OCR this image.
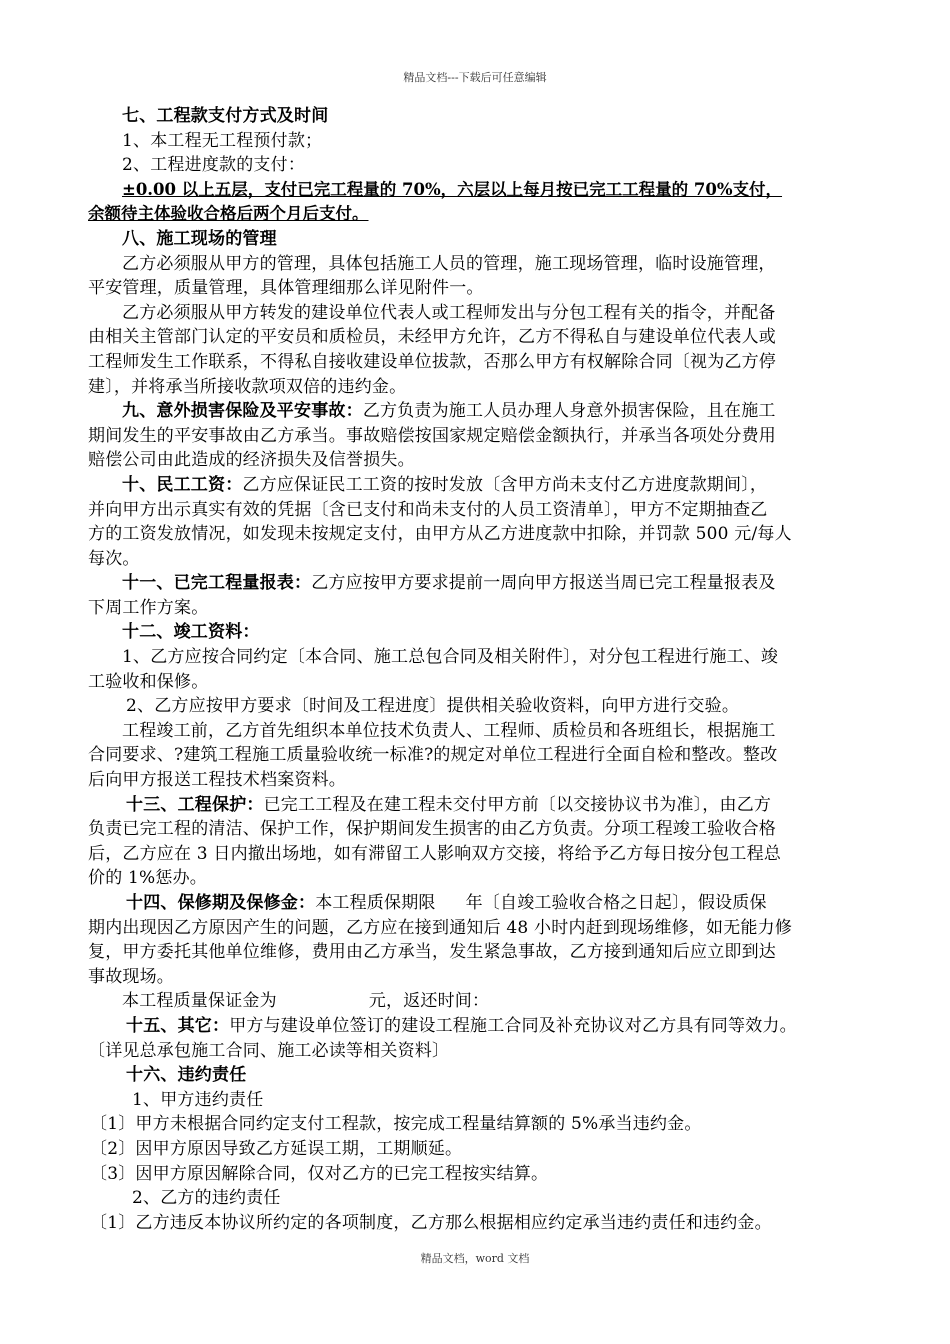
精品文档---下载后可任意编辑
七、工程款支付方式及时间
1、本工程无工程预付款；
2、工程进度款的支付：
±0.00 以上五层，支付已完工程量的 70%，六层以上每月按已完工工程量的 70%支付，
余额待主体验收合格后两个月后支付。
八、施工现场的管理
乙方必须服从甲方的管理，具体包括施工人员的管理，施工现场管理，临时设施管理，
平安管理，质量管理，具体管理细那么详见附件一。
乙方必须服从甲方转发的建设单位代表人或工程师发出与分包工程有关的指令，并配备
由相关主管部门认定的平安员和质检员，未经甲方允许，乙方不得私自与建设单位代表人或
工程师发生工作联系，不得私自接收建设单位拔款，否那么甲方有权解除合同〔视为乙方停
建〕，并将承当所接收款项双倍的违约金。
九、意外损害保险及平安事故：乙方负责为施工人员办理人身意外损害保险，且在施工
期间发生的平安事故由乙方承当。事故赔偿按国家规定赔偿金额执行，并承当各项处分费用
赔偿公司由此造成的经济损失及信誉损失。
十、民工工资：乙方应保证民工工资的按时发放〔含甲方尚未支付乙方进度款期间〕，
并向甲方出示真实有效的凭据〔含已支付和尚未支付的人员工资清单〕，甲方不定期抽查乙
方的工资发放情况，如发现未按规定支付，由甲方从乙方进度款中扣除，并罚款 500 元/每人
每次。
十一、已完工程量报表：乙方应按甲方要求提前一周向甲方报送当周已完工程量报表及
下周工作方案。
十二、竣工资料：
1、乙方应按合同约定〔本合同、施工总包合同及相关附件〕，对分包工程进行施工、竣
工验收和保修。
2、乙方应按甲方要求〔时间及工程进度〕提供相关验收资料，向甲方进行交验。
工程竣工前，乙方首先组织本单位技术负责人、工程师、质检员和各班组长，根据施工
合同要求、?建筑工程施工质量验收统一标准?的规定对单位工程进行全面自检和整改。整改
后向甲方报送工程技术档案资料。
十三、工程保护：已完工工程及在建工程未交付甲方前〔以交接协议书为准〕，由乙方
负责已完工程的清洁、保护工作，保护期间发生损害的由乙方负责。分项工程竣工验收合格
后，乙方应在 3 日内撤出场地，如有滞留工人影响双方交接，将给予乙方每日按分包工程总
价的 1%惩办。
十四、保修期及保修金：本工程质保期限 年〔自竣工验收合格之日起〕，假设质保
期内出现因乙方原因产生的问题，乙方应在接到通知后 48 小时内赶到现场维修，如无能力修
复，甲方委托其他单位维修，费用由乙方承当，发生紧急事故，乙方接到通知后应立即到达
事故现场。
本工程质量保证金为	元，返还时间：
十五、其它：甲方与建设单位签订的建设工程施工合同及补充协议对乙方具有同等效力。
〔详见总承包施工合同、施工必读等相关资料〕
十六、违约责任
1、甲方违约责任
〔1〕甲方未根据合同约定支付工程款，按完成工程量结算额的 5%承当违约金。
〔2〕因甲方原因导致乙方延误工期，工期顺延。
〔3〕因甲方原因解除合同，仅对乙方的已完工程按实结算。
2、乙方的违约责任
〔1〕乙方违反本协议所约定的各项制度，乙方那么根据相应约定承当违约责任和违约金。
精品文档，word 文档
